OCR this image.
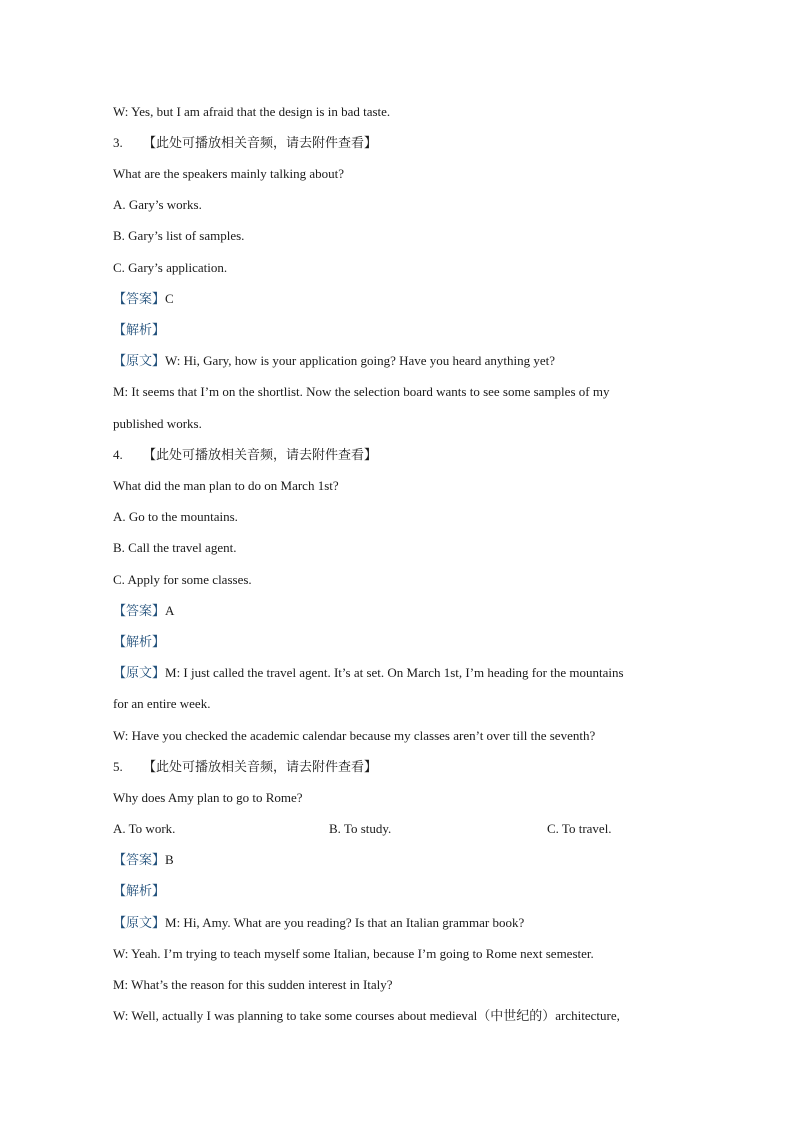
W: Yes, but I am afraid that the design is in bad taste.
3. 【此处可播放相关音频，请去附件查看】
What are the speakers mainly talking about?
A. Gary’s works.
B. Gary’s list of samples.
C. Gary’s application.
【答案】C
【解析】
【原文】W: Hi, Gary, how is your application going? Have you heard anything yet?
M: It seems that I’m on the shortlist. Now the selection board wants to see some samples of my
published works.
4. 【此处可播放相关音频，请去附件查看】
What did the man plan to do on March 1st?
A. Go to the mountains.
B. Call the travel agent.
C. Apply for some classes.
【答案】A
【解析】
【原文】M: I just called the travel agent. It’s at set. On March 1st, I’m heading for the mountains
for an entire week.
W: Have you checked the academic calendar because my classes aren’t over till the seventh?
5. 【此处可播放相关音频，请去附件查看】
Why does Amy plan to go to Rome?
A. To work.	B. To study.	C. To travel.
【答案】B
【解析】
【原文】M: Hi, Amy. What are you reading? Is that an Italian grammar book?
W: Yeah. I’m trying to teach myself some Italian, because I’m going to Rome next semester.
M: What’s the reason for this sudden interest in Italy?
W: Well, actually I was planning to take some courses about medieval（中世纪的）architecture,
